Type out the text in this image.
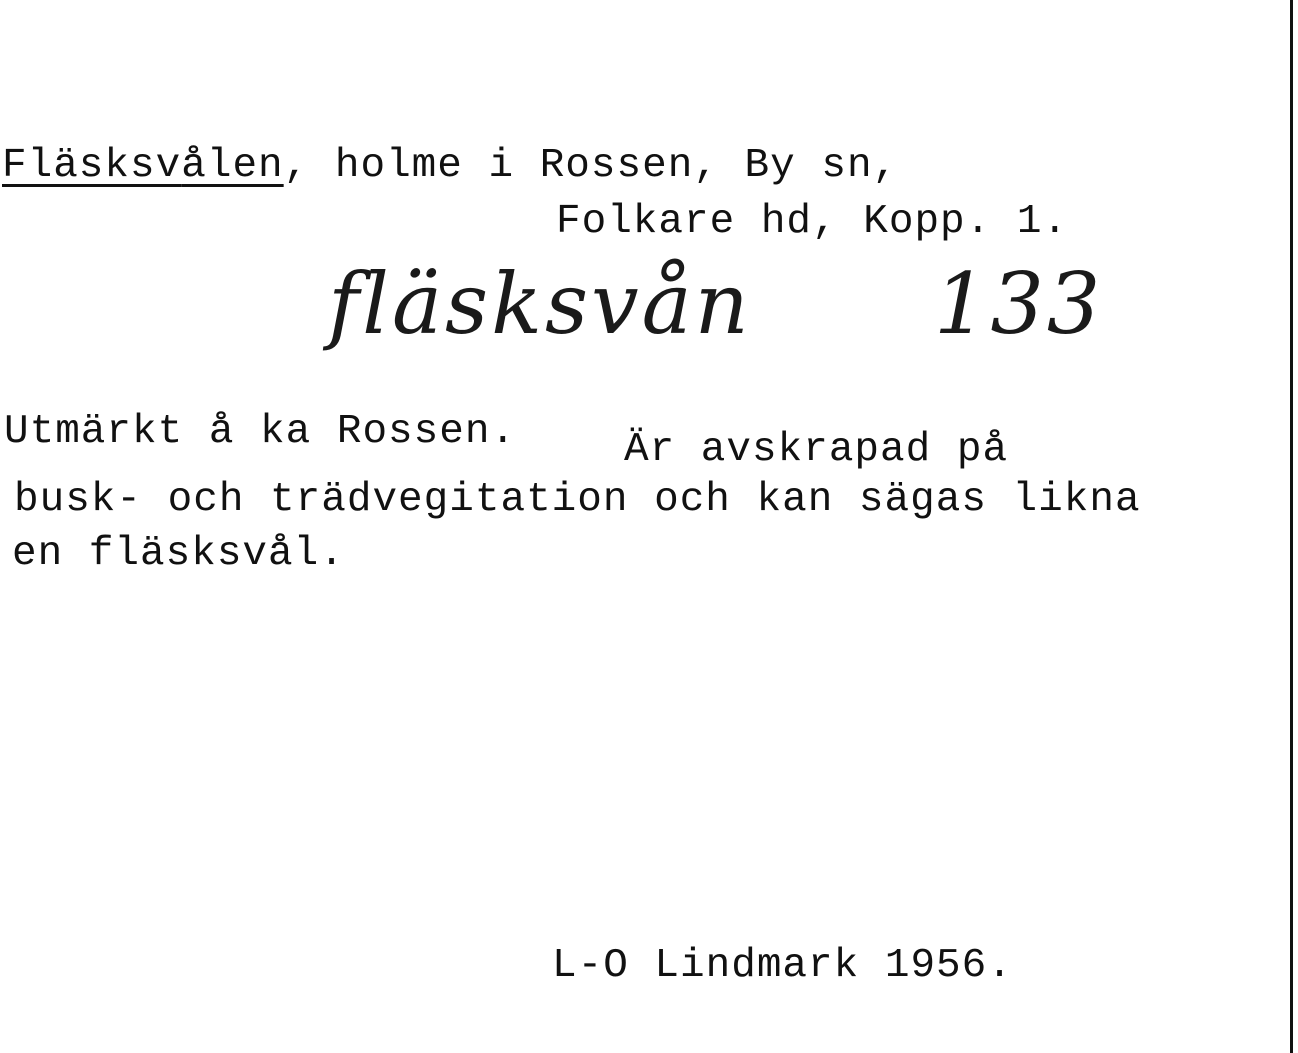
Fläsksvålen, holme i Rossen, By sn,
Folkare hd, Kopp. 1.
fläsksvån 133
Utmärkt å ka Rossen.	Är avskrapad på
busk- och trädvegitation och kan sägas likna
en fläsksvål.
L-O Lindmark 1956.
